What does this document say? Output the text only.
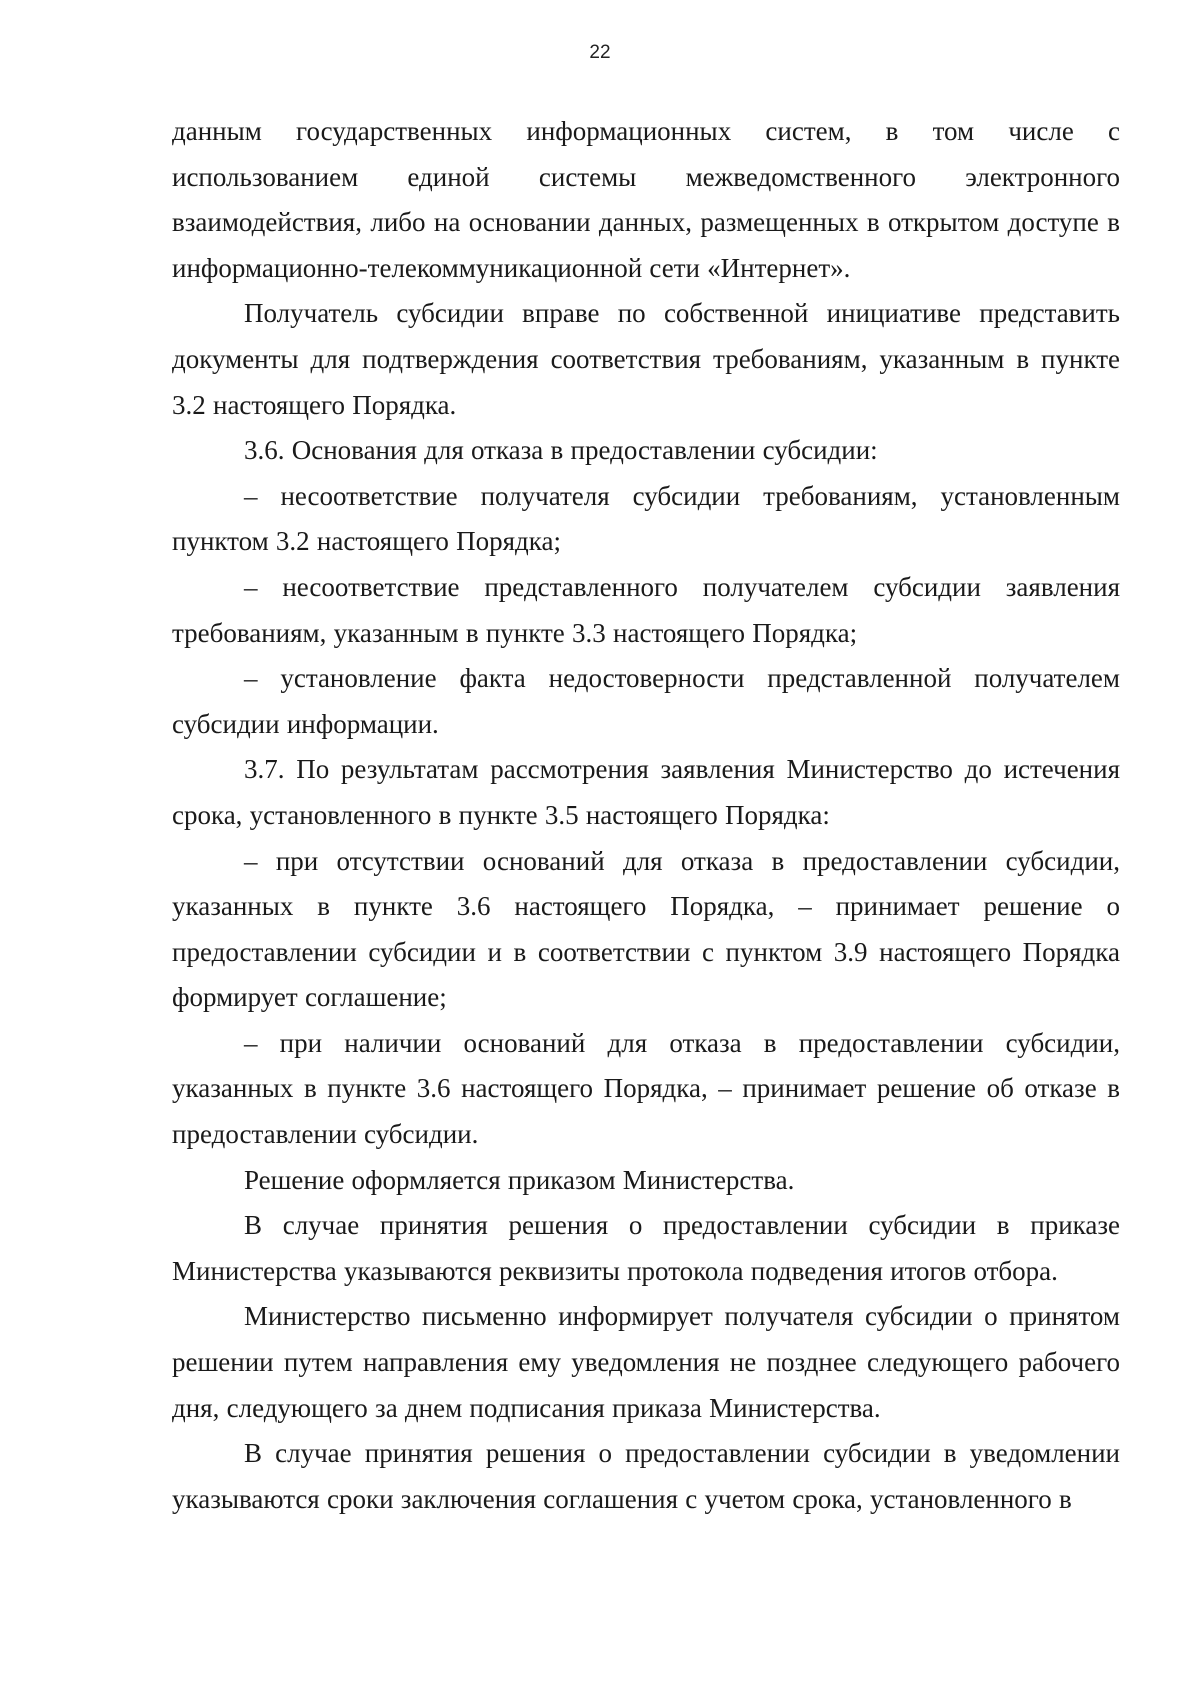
22

данным государственных информационных систем, в том числе с использованием единой системы межведомственного электронного взаимодействия, либо на основании данных, размещенных в открытом доступе в информационно-телекоммуникационной сети «Интернет».

Получатель субсидии вправе по собственной инициативе представить документы для подтверждения соответствия требованиям, указанным в пункте 3.2 настоящего Порядка.

3.6. Основания для отказа в предоставлении субсидии:

– несоответствие получателя субсидии требованиям, установленным пунктом 3.2 настоящего Порядка;

– несоответствие представленного получателем субсидии заявления требованиям, указанным в пункте 3.3 настоящего Порядка;

– установление факта недостоверности представленной получателем субсидии информации.

3.7. По результатам рассмотрения заявления Министерство до истечения срока, установленного в пункте 3.5 настоящего Порядка:

– при отсутствии оснований для отказа в предоставлении субсидии, указанных в пункте 3.6 настоящего Порядка, – принимает решение о предоставлении субсидии и в соответствии с пунктом 3.9 настоящего Порядка формирует соглашение;

– при наличии оснований для отказа в предоставлении субсидии, указанных в пункте 3.6 настоящего Порядка, – принимает решение об отказе в предоставлении субсидии.

Решение оформляется приказом Министерства.

В случае принятия решения о предоставлении субсидии в приказе Министерства указываются реквизиты протокола подведения итогов отбора.

Министерство письменно информирует получателя субсидии о принятом решении путем направления ему уведомления не позднее следующего рабочего дня, следующего за днем подписания приказа Министерства.

В случае принятия решения о предоставлении субсидии в уведомлении указываются сроки заключения соглашения с учетом срока, установленного в
